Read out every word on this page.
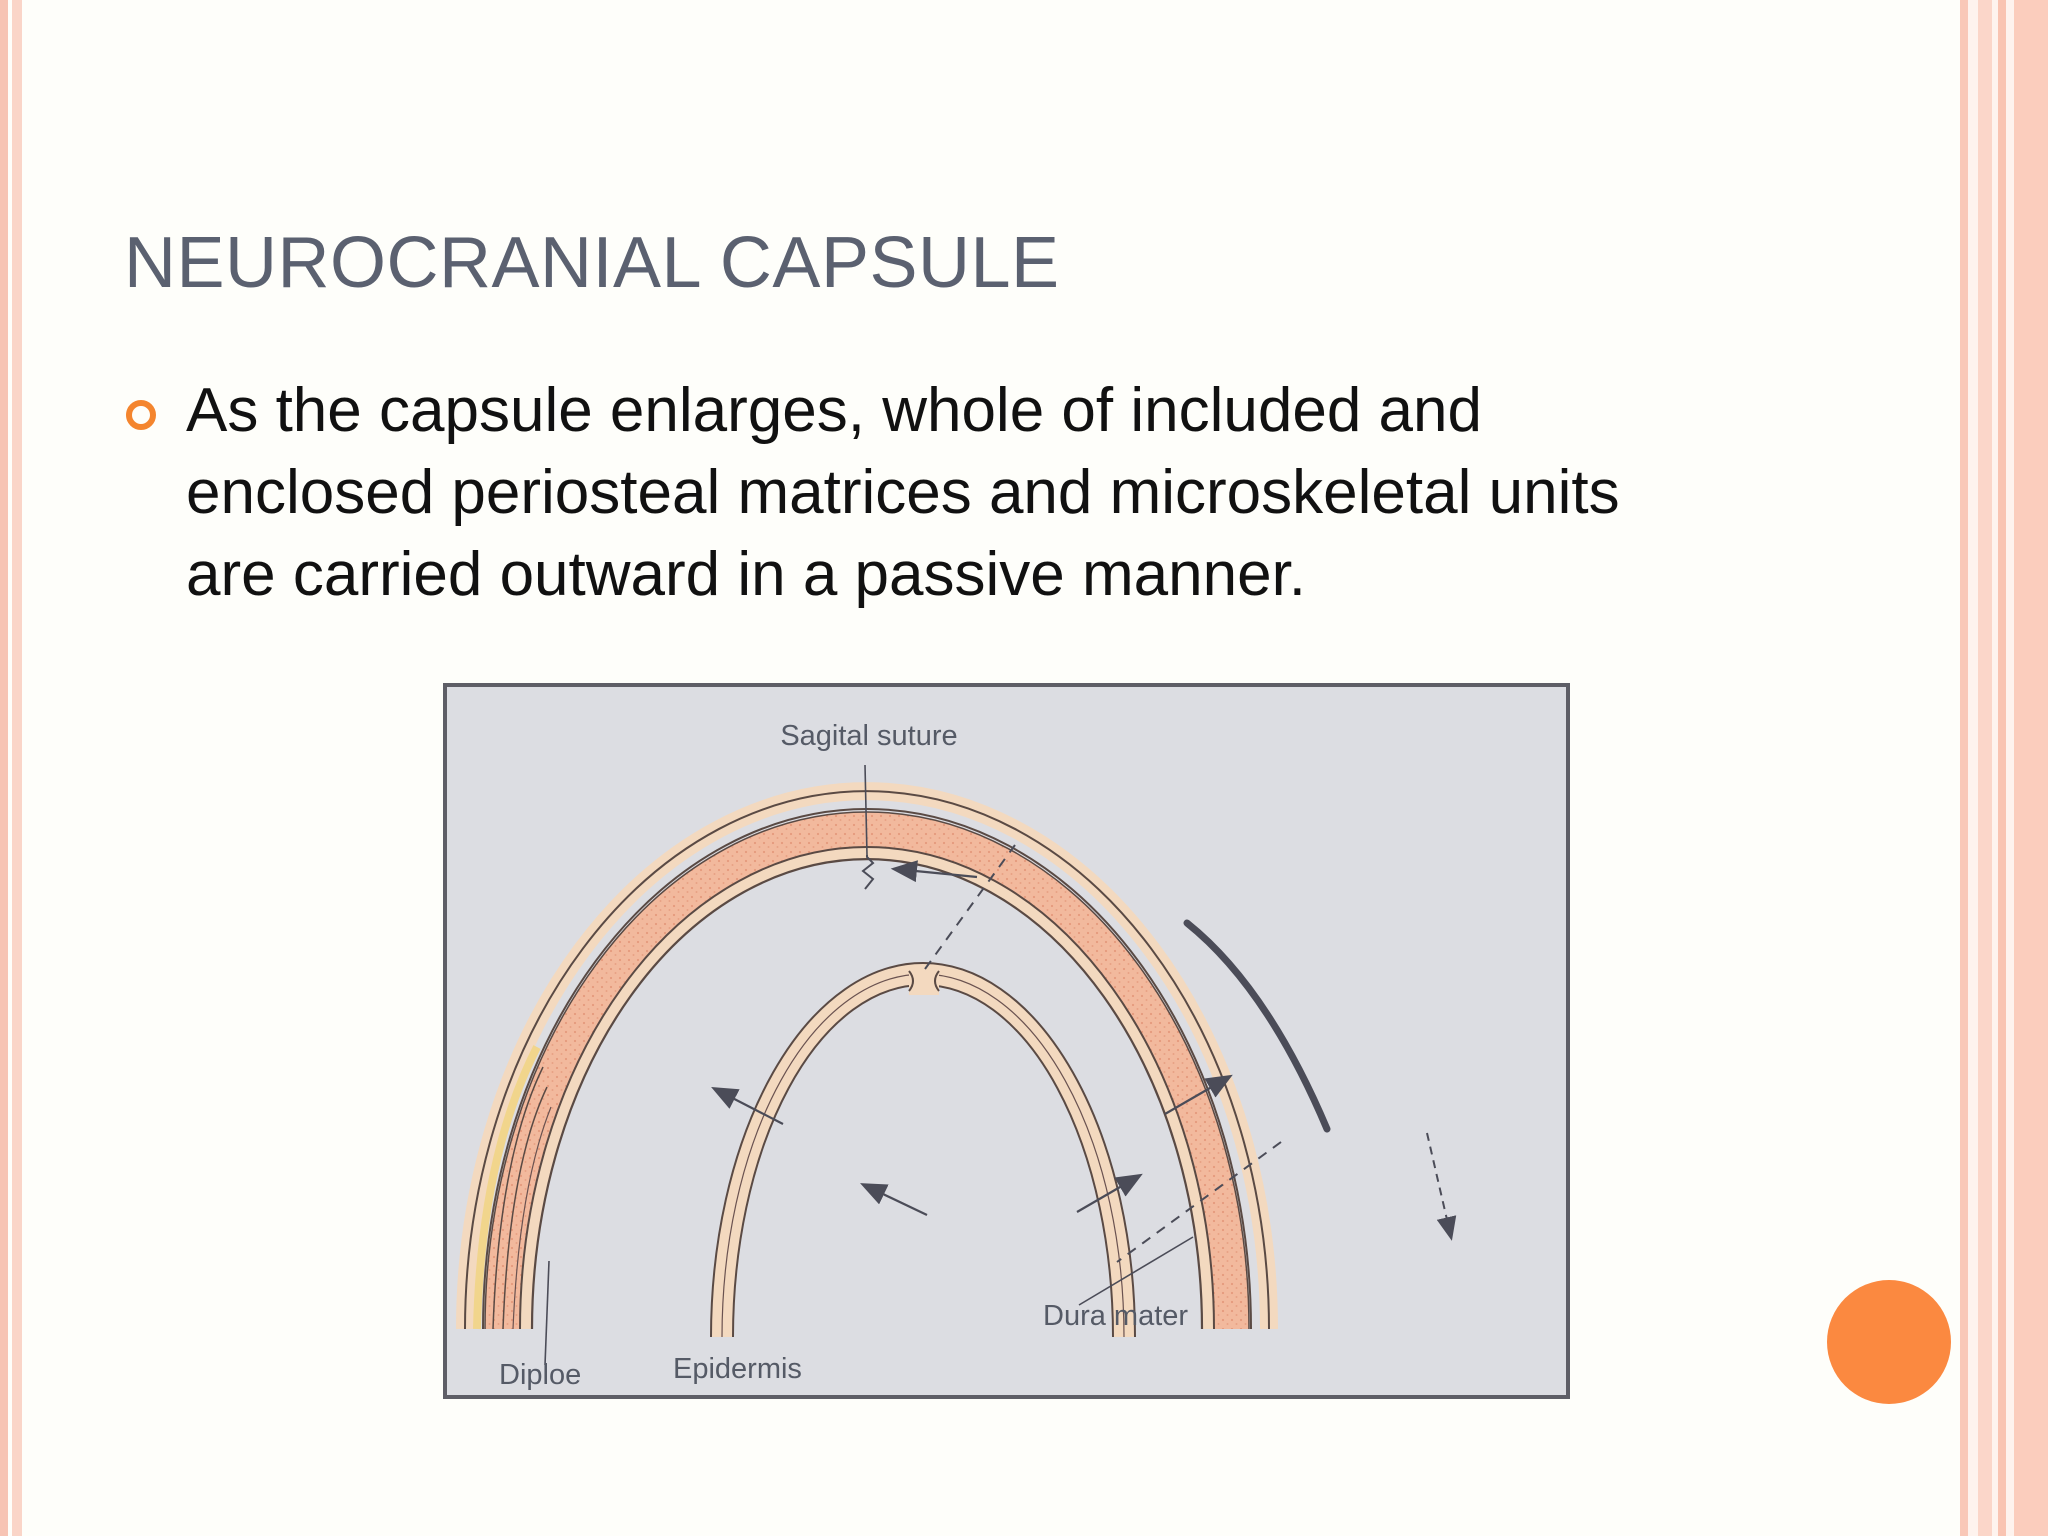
NEUROCRANIAL CAPSULE
As the capsule enlarges, whole of included and enclosed periosteal matrices and microskeletal units are carried outward in a passive manner.
Sagital suture
Dura mater
Diploe	Epidermis
